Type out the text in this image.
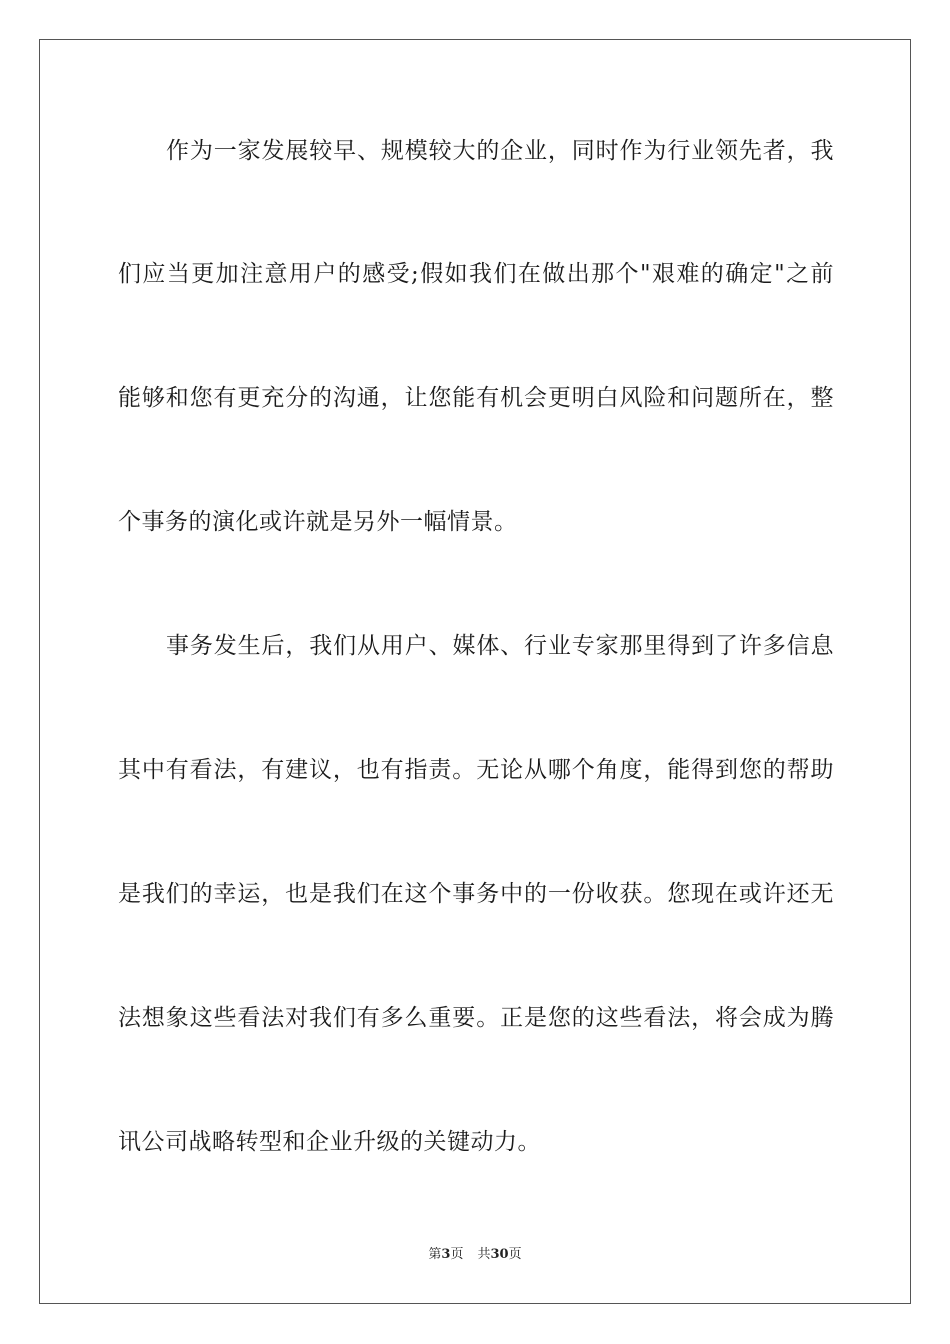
作为一家发展较早、规模较大的企业，同时作为行业领先者，我
们应当更加注意用户的感受;假如我们在做出那个"艰难的确定"之前
能够和您有更充分的沟通，让您能有机会更明白风险和问题所在，整
个事务的演化或许就是另外一幅情景。
事务发生后，我们从用户、媒体、行业专家那里得到了许多信息
其中有看法，有建议，也有指责。无论从哪个角度，能得到您的帮助
是我们的幸运，也是我们在这个事务中的一份收获。您现在或许还无
法想象这些看法对我们有多么重要。正是您的这些看法，将会成为腾
讯公司战略转型和企业升级的关键动力。
第3页 共30页
